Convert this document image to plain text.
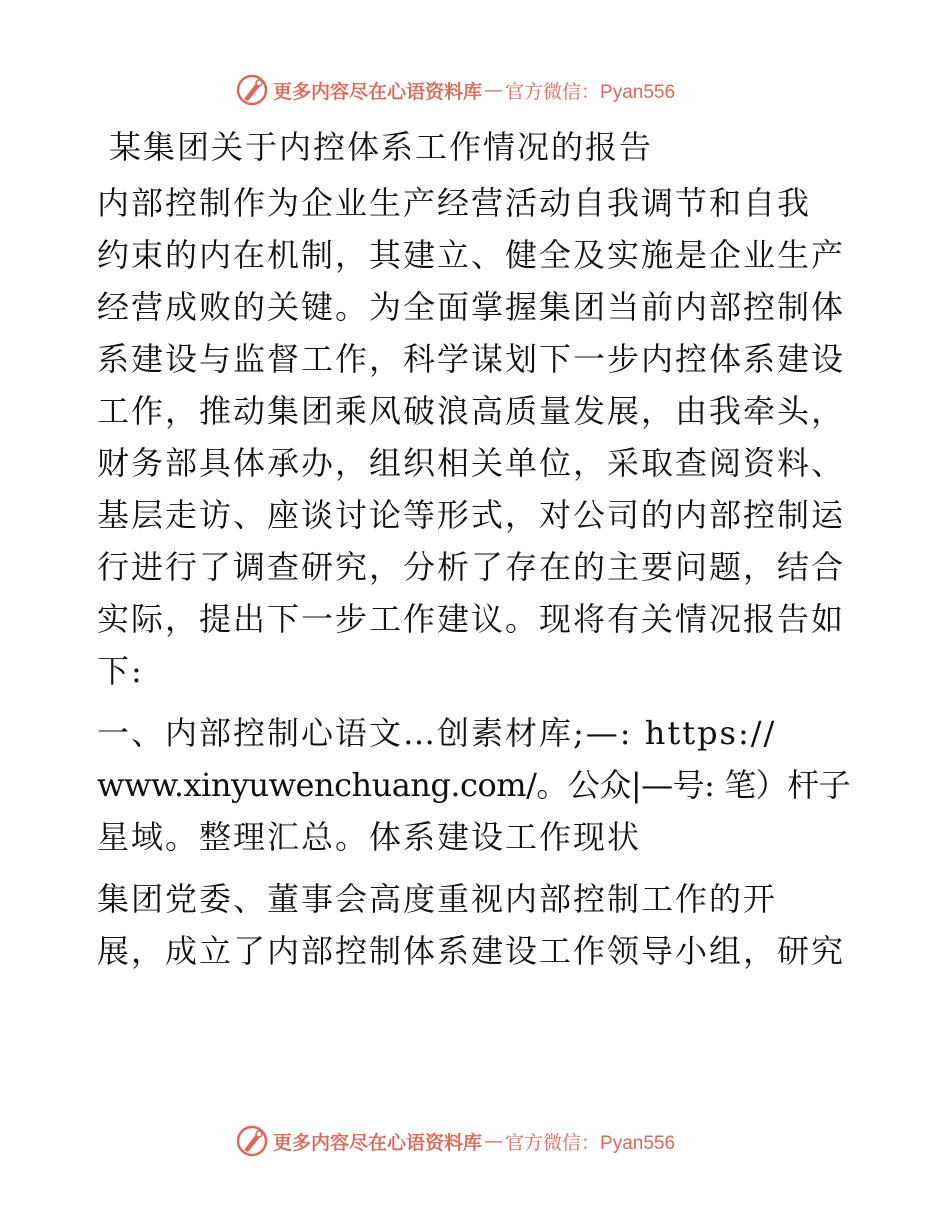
更多内容尽在心语资料库 — 官方微信：Pyan556
某集团关于内控体系工作情况的报告

内部控制作为企业生产经营活动自我调节和自我
约束的内在机制，其建立、健全及实施是企业生产
经营成败的关键。为全面掌握集团当前内部控制体
系建设与监督工作，科学谋划下一步内控体系建设
工作，推动集团乘风破浪高质量发展，由我牵头，
财务部具体承办，组织相关单位，采取查阅资料、
基层走访、座谈讨论等形式，对公司的内部控制运
行进行了调查研究，分析了存在的主要问题，结合
实际，提出下一步工作建议。现将有关情况报告如
下:

一、内部控制心语文…创素材库;—: https://
www.xinyuwenchuang.com/。公众|—号: 笔）杆子
星域。整理汇总。体系建设工作现状

集团党委、董事会高度重视内部控制工作的开
展，成立了内部控制体系建设工作领导小组，研究

更多内容尽在心语资料库 — 官方微信：Pyan556
